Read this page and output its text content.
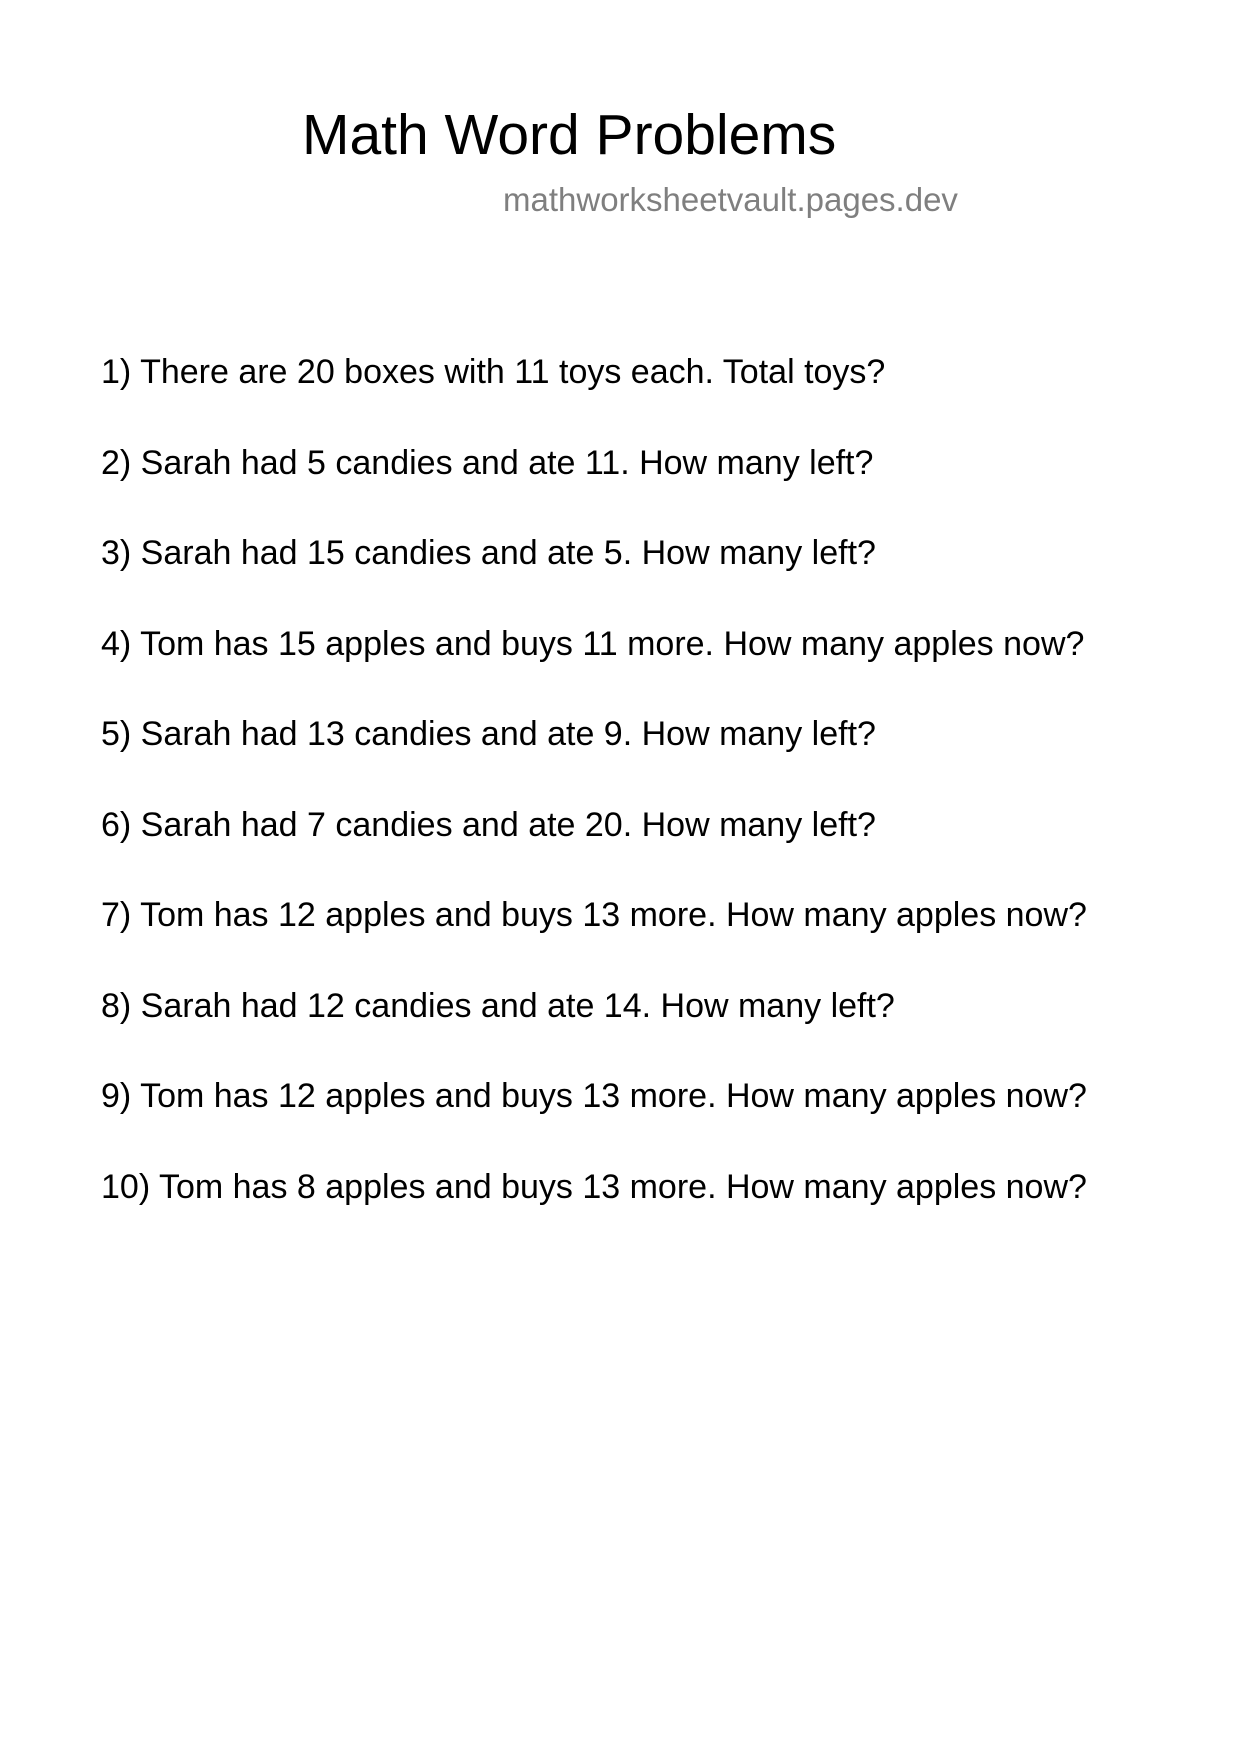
Math Word Problems
mathworksheetvault.pages.dev
1) There are 20 boxes with 11 toys each. Total toys?
2) Sarah had 5 candies and ate 11. How many left?
3) Sarah had 15 candies and ate 5. How many left?
4) Tom has 15 apples and buys 11 more. How many apples now?
5) Sarah had 13 candies and ate 9. How many left?
6) Sarah had 7 candies and ate 20. How many left?
7) Tom has 12 apples and buys 13 more. How many apples now?
8) Sarah had 12 candies and ate 14. How many left?
9) Tom has 12 apples and buys 13 more. How many apples now?
10) Tom has 8 apples and buys 13 more. How many apples now?
